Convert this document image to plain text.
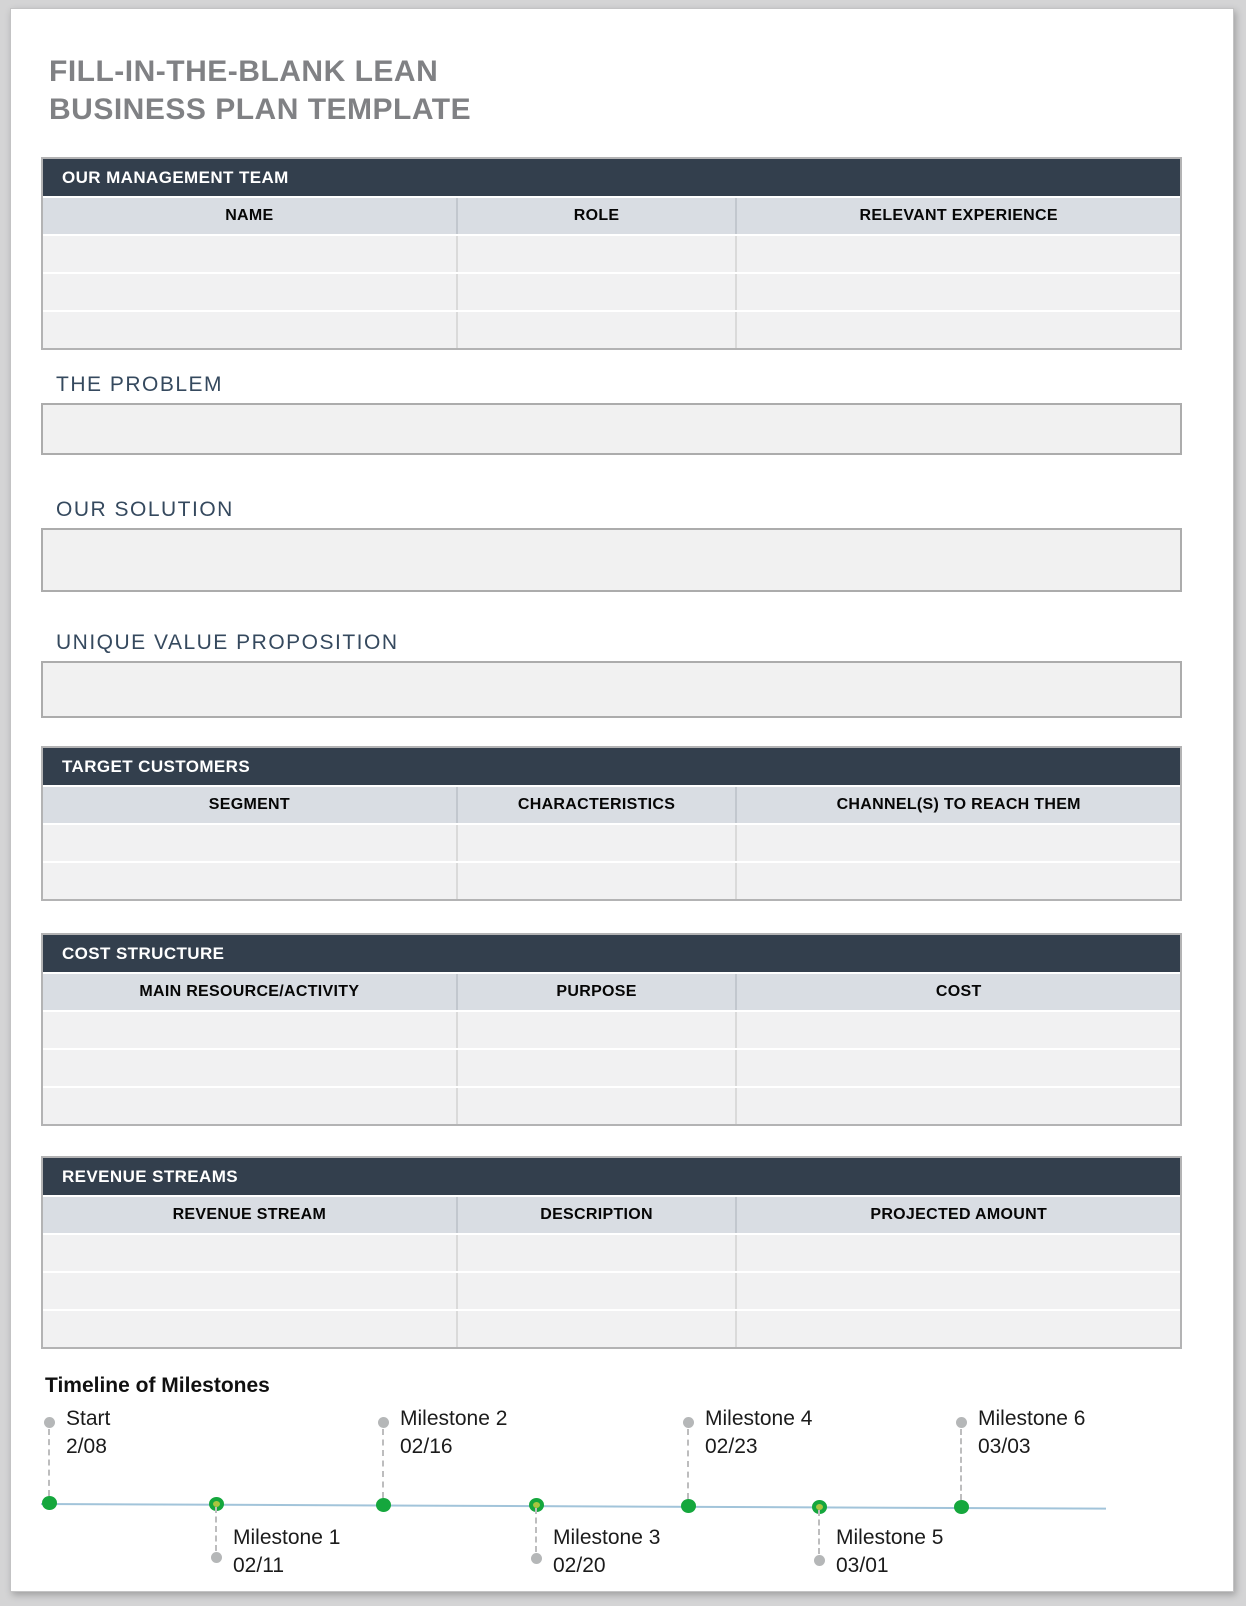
FILL-IN-THE-BLANK LEAN
BUSINESS PLAN TEMPLATE
OUR MANAGEMENT TEAM
NAME	ROLE	RELEVANT EXPERIENCE
THE PROBLEM
OUR SOLUTION
UNIQUE VALUE PROPOSITION
TARGET CUSTOMERS
SEGMENT	CHARACTERISTICS	CHANNEL(S) TO REACH THEM
COST STRUCTURE
MAIN RESOURCE/ACTIVITY	PURPOSE	COST
REVENUE STREAMS
REVENUE STREAM	DESCRIPTION	PROJECTED AMOUNT
Timeline of Milestones
Start
2/08
Milestone 1
02/11
Milestone 2
02/16
Milestone 3
02/20
Milestone 4
02/23
Milestone 5
03/01
Milestone 6
03/03
